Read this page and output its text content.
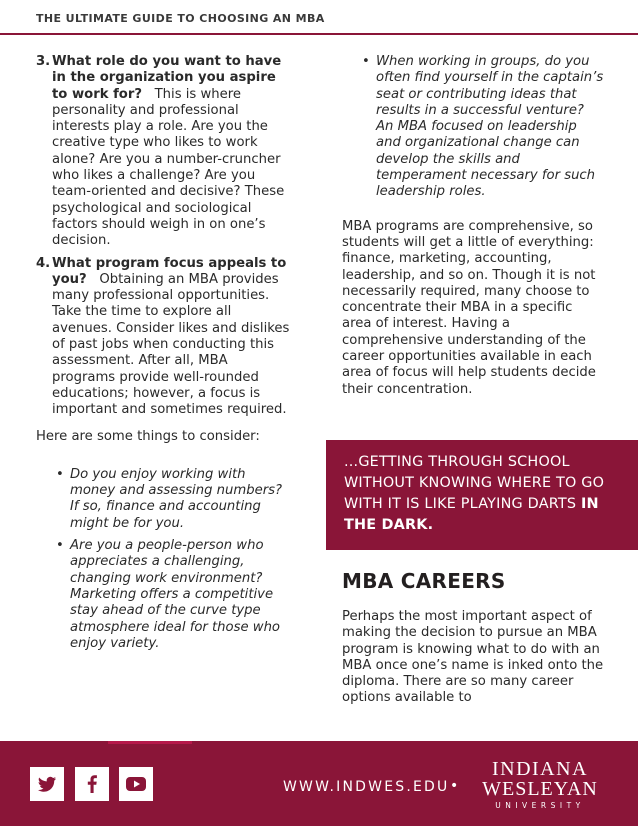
THE ULTIMATE GUIDE TO CHOOSING AN MBA
3. What role do you want to have in the organization you aspire to work for? This is where personality and professional interests play a role. Are you the creative type who likes to work alone? Are you a number-cruncher who likes a challenge? Are you team-oriented and decisive? These psychological and sociological factors should weigh in on one’s decision.
4. What program focus appeals to you? Obtaining an MBA provides many professional opportunities. Take the time to explore all avenues. Consider likes and dislikes of past jobs when conducting this assessment. After all, MBA programs provide well-rounded educations; however, a focus is important and sometimes required.

Here are some things to consider:

• Do you enjoy working with money and assessing numbers? If so, finance and accounting might be for you.
• Are you a people-person who appreciates a challenging, changing work environment? Marketing offers a competitive stay ahead of the curve type atmosphere ideal for those who enjoy variety.
• When working in groups, do you often find yourself in the captain’s seat or contributing ideas that results in a successful venture? An MBA focused on leadership and organizational change can develop the skills and temperament necessary for such leadership roles.

MBA programs are comprehensive, so students will get a little of everything: finance, marketing, accounting, leadership, and so on. Though it is not necessarily required, many choose to concentrate their MBA in a specific area of interest. Having a comprehensive understanding of the career opportunities available in each area of focus will help students decide their concentration.

...GETTING THROUGH SCHOOL WITHOUT KNOWING WHERE TO GO WITH IT IS LIKE PLAYING DARTS IN THE DARK.
MBA CAREERS
Perhaps the most important aspect of making the decision to pursue an MBA program is knowing what to do with an MBA once one’s name is inked onto the diploma. There are so many career options available to
WWW.INDWES.EDU •
INDIANA
WESLEYAN
UNIVERSITY
